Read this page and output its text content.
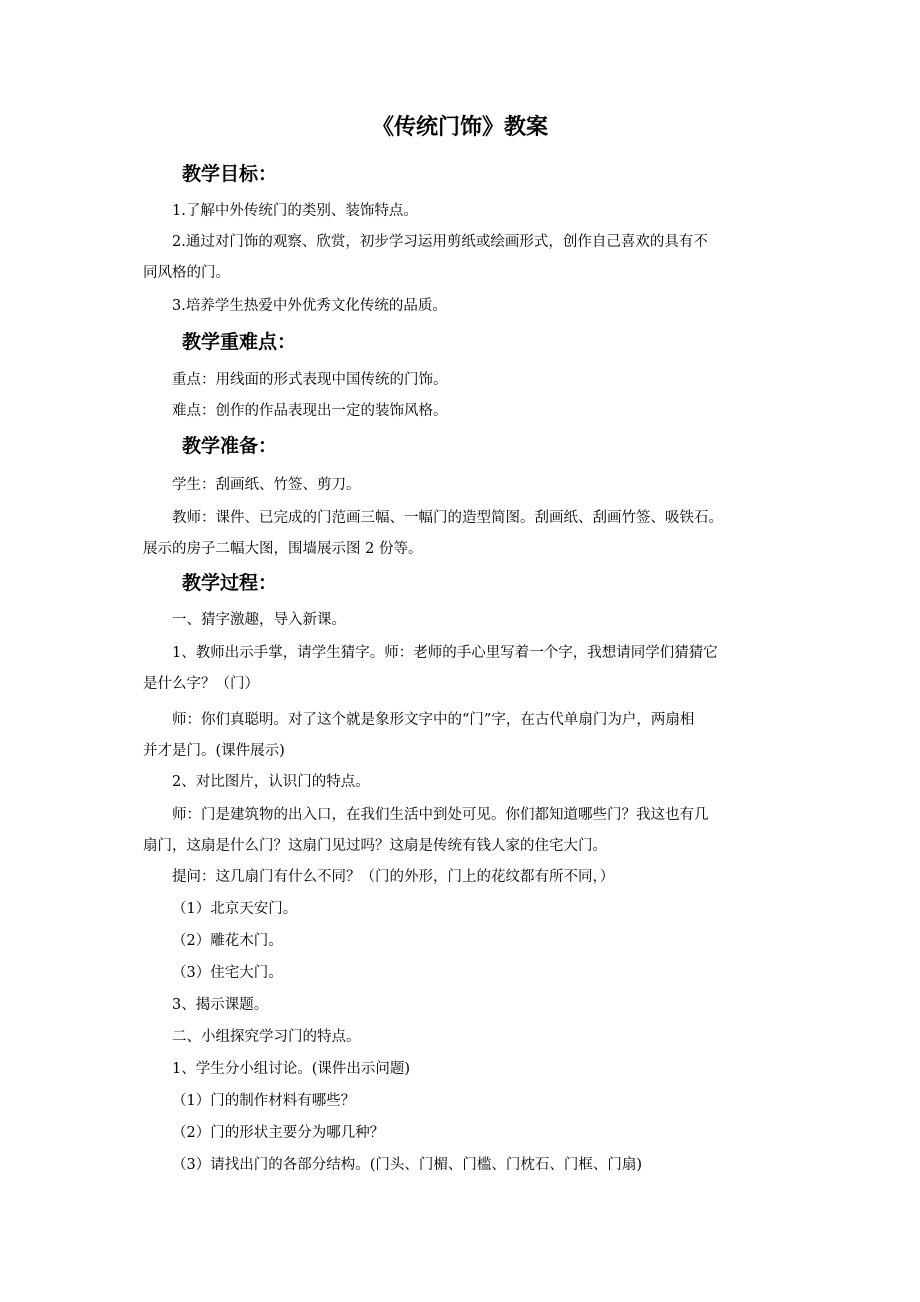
《传统门饰》教案
教学目标：
1.了解中外传统门的类别、装饰特点。
2.通过对门饰的观察、欣赏，初步学习运用剪纸或绘画形式，创作自己喜欢的具有不
同风格的门。
3.培养学生热爱中外优秀文化传统的品质。
教学重难点：
重点：用线面的形式表现中国传统的门饰。
难点：创作的作品表现出一定的装饰风格。
教学准备：
学生：刮画纸、竹签、剪刀。
教师：课件、已完成的门范画三幅、一幅门的造型简图。刮画纸、刮画竹签、吸铁石。
展示的房子二幅大图，围墙展示图 2 份等。
教学过程：
一、猜字激趣，导入新课。
1、教师出示手掌，请学生猜字。师：老师的手心里写着一个字，我想请同学们猜猜它
是什么字？（门）
师：你们真聪明。对了这个就是象形文字中的“门”字，在古代单扇门为户，两扇相
并才是门。(课件展示)
2、对比图片，认识门的特点。
师：门是建筑物的出入口，在我们生活中到处可见。你们都知道哪些门？我这也有几
扇门，这扇是什么门？这扇门见过吗？这扇是传统有钱人家的住宅大门。
提问：这几扇门有什么不同？（门的外形，门上的花纹都有所不同，）
（1）北京天安门。
（2）雕花木门。
（3）住宅大门。
3、揭示课题。
二、小组探究学习门的特点。
1、学生分小组讨论。(课件出示问题)
（1）门的制作材料有哪些？
（2）门的形状主要分为哪几种？
（3）请找出门的各部分结构。(门头、门楣、门槛、门枕石、门框、门扇)
